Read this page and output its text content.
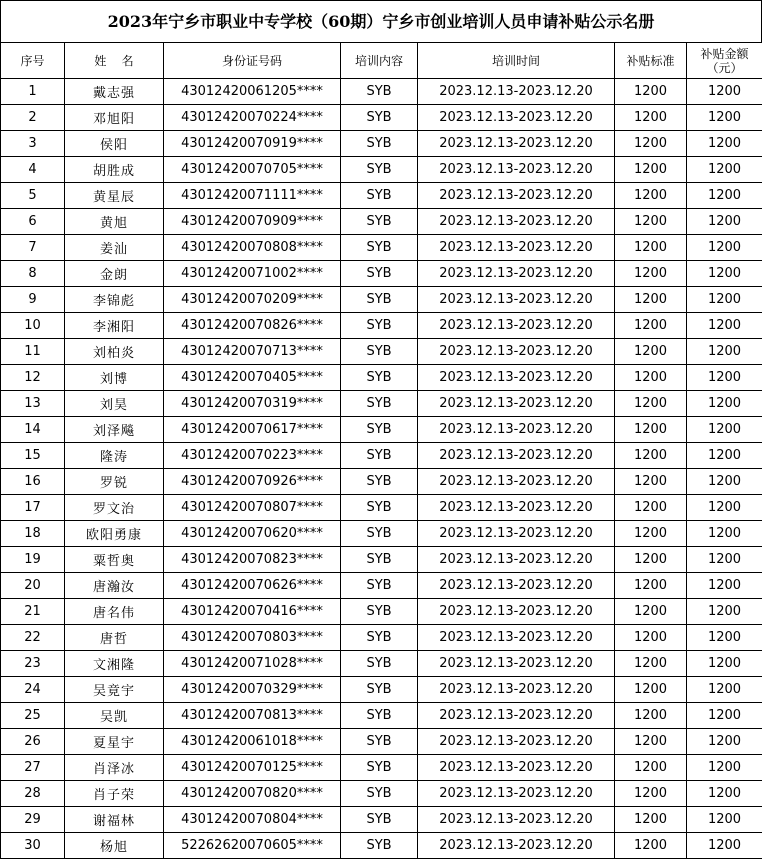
2023年宁乡市职业中专学校（60期）宁乡市创业培训人员申请补贴公示名册
序号	姓    名	身份证号码	培训内容	培训时间	补贴标准	补贴金额
（元）
1	戴志强	43012420061205****	SYB	2023.12.13-2023.12.20	1200	1200
2	邓旭阳	43012420070224****	SYB	2023.12.13-2023.12.20	1200	1200
3	侯阳	43012420070919****	SYB	2023.12.13-2023.12.20	1200	1200
4	胡胜成	43012420070705****	SYB	2023.12.13-2023.12.20	1200	1200
5	黄星辰	43012420071111****	SYB	2023.12.13-2023.12.20	1200	1200
6	黄旭	43012420070909****	SYB	2023.12.13-2023.12.20	1200	1200
7	姜汕	43012420070808****	SYB	2023.12.13-2023.12.20	1200	1200
8	金朗	43012420071002****	SYB	2023.12.13-2023.12.20	1200	1200
9	李锦彪	43012420070209****	SYB	2023.12.13-2023.12.20	1200	1200
10	李湘阳	43012420070826****	SYB	2023.12.13-2023.12.20	1200	1200
11	刘柏炎	43012420070713****	SYB	2023.12.13-2023.12.20	1200	1200
12	刘博	43012420070405****	SYB	2023.12.13-2023.12.20	1200	1200
13	刘昊	43012420070319****	SYB	2023.12.13-2023.12.20	1200	1200
14	刘泽飚	43012420070617****	SYB	2023.12.13-2023.12.20	1200	1200
15	隆涛	43012420070223****	SYB	2023.12.13-2023.12.20	1200	1200
16	罗锐	43012420070926****	SYB	2023.12.13-2023.12.20	1200	1200
17	罗文治	43012420070807****	SYB	2023.12.13-2023.12.20	1200	1200
18	欧阳勇康	43012420070620****	SYB	2023.12.13-2023.12.20	1200	1200
19	粟哲奥	43012420070823****	SYB	2023.12.13-2023.12.20	1200	1200
20	唐瀚汝	43012420070626****	SYB	2023.12.13-2023.12.20	1200	1200
21	唐名伟	43012420070416****	SYB	2023.12.13-2023.12.20	1200	1200
22	唐哲	43012420070803****	SYB	2023.12.13-2023.12.20	1200	1200
23	文湘隆	43012420071028****	SYB	2023.12.13-2023.12.20	1200	1200
24	吴竟宇	43012420070329****	SYB	2023.12.13-2023.12.20	1200	1200
25	吴凯	43012420070813****	SYB	2023.12.13-2023.12.20	1200	1200
26	夏星宇	43012420061018****	SYB	2023.12.13-2023.12.20	1200	1200
27	肖泽冰	43012420070125****	SYB	2023.12.13-2023.12.20	1200	1200
28	肖子荣	43012420070820****	SYB	2023.12.13-2023.12.20	1200	1200
29	谢福林	43012420070804****	SYB	2023.12.13-2023.12.20	1200	1200
30	杨旭	52262620070605****	SYB	2023.12.13-2023.12.20	1200	1200
